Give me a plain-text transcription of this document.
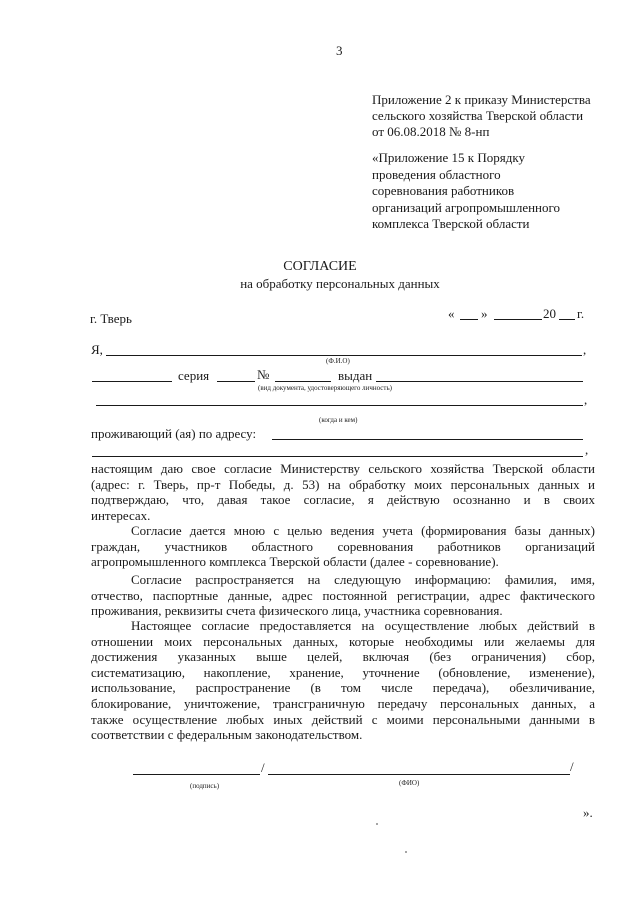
3
Приложение 2 к приказу Министерства
сельского хозяйства Тверской области
от 06.08.2018 № 8-нп
«Приложение 15 к Порядку
проведения областного
соревнования работников
организаций агропромышленного
комплекса Тверской области
СОГЛАСИЕ
на обработку персональных данных
г. Тверь	« »	20 г.
Я,	,
(Ф.И.О)
серия	№	выдан
(вид документа, удостоверяющего личность)
,
(когда и кем)
проживающий (ая) по адресу:
,
настоящим даю свое согласие Министерству сельского хозяйства Тверской области
(адрес: г. Тверь, пр-т Победы, д. 53) на обработку моих персональных данных и
подтверждаю, что, давая такое согласие, я действую осознанно и в своих
интересах.
Согласие дается мною с целью ведения учета (формирования базы данных)
граждан, участников областного соревнования работников организаций
агропромышленного комплекса Тверской области (далее - соревнование).
Согласие распространяется на следующую информацию: фамилия, имя,
отчество, паспортные данные, адрес постоянной регистрации, адрес фактического
проживания, реквизиты счета физического лица, участника соревнования.
Настоящее согласие предоставляется на осуществление любых действий в
отношении моих персональных данных, которые необходимы или желаемы для
достижения указанных выше целей, включая (без ограничения) сбор,
систематизацию, накопление, хранение, уточнение (обновление, изменение),
использование, распространение (в том числе передача), обезличивание,
блокирование, уничтожение, трансграничную передачу персональных данных, а
также осуществление любых иных действий с моими персональными данными в
соответствии с федеральным законодательством.
/	/
(подпись)	(ФИО)
».
